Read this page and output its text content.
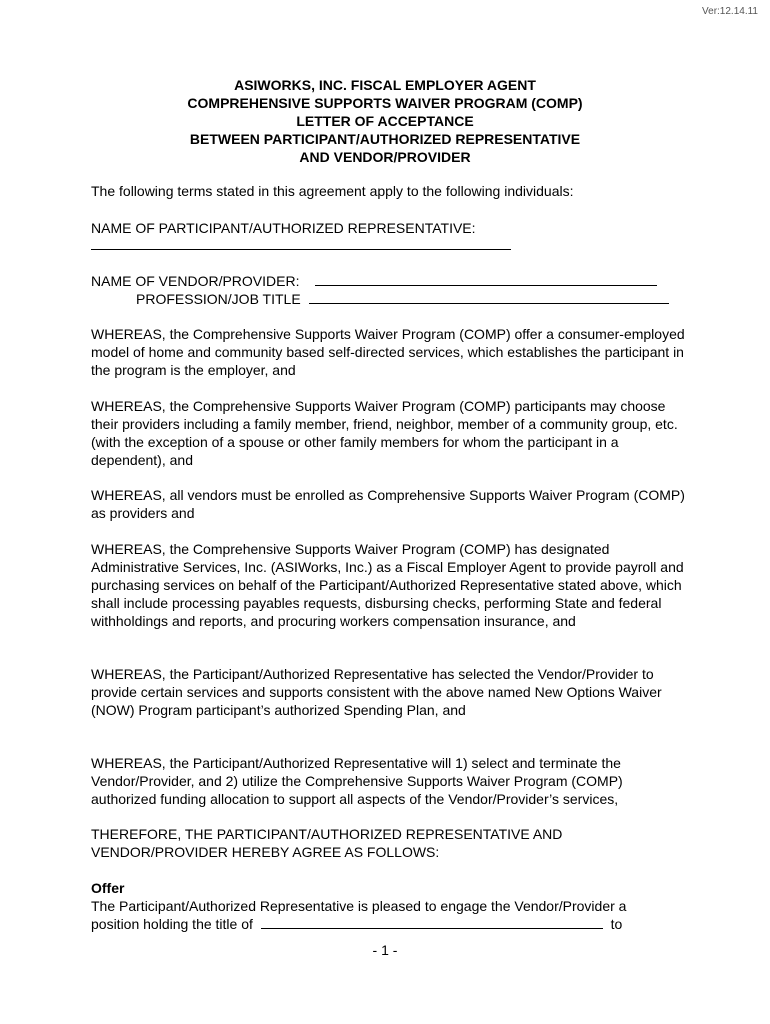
Ver:12.14.11
ASIWORKS, INC. FISCAL EMPLOYER AGENT
COMPREHENSIVE SUPPORTS WAIVER PROGRAM (COMP)
LETTER OF ACCEPTANCE
BETWEEN PARTICIPANT/AUTHORIZED REPRESENTATIVE
AND VENDOR/PROVIDER

The following terms stated in this agreement apply to the following individuals:

NAME OF PARTICIPANT/AUTHORIZED REPRESENTATIVE:

NAME OF VENDOR/PROVIDER:
PROFESSION/JOB TITLE

WHEREAS, the Comprehensive Supports Waiver Program (COMP) offer a consumer-employed model of home and community based self-directed services, which establishes the participant in the program is the employer, and

WHEREAS, the Comprehensive Supports Waiver Program (COMP) participants may choose their providers including a family member, friend, neighbor, member of a community group, etc. (with the exception of a spouse or other family members for whom the participant in a dependent), and

WHEREAS, all vendors must be enrolled as Comprehensive Supports Waiver Program (COMP) as providers and

WHEREAS, the Comprehensive Supports Waiver Program (COMP) has designated Administrative Services, Inc. (ASIWorks, Inc.) as a Fiscal Employer Agent to provide payroll and purchasing services on behalf of the Participant/Authorized Representative stated above, which shall include processing payables requests, disbursing checks, performing State and federal withholdings and reports, and procuring workers compensation insurance, and

WHEREAS, the Participant/Authorized Representative has selected the Vendor/Provider to provide certain services and supports consistent with the above named New Options Waiver (NOW) Program participant’s authorized Spending Plan, and

WHEREAS, the Participant/Authorized Representative will 1) select and terminate the Vendor/Provider, and 2) utilize the Comprehensive Supports Waiver Program (COMP) authorized funding allocation to support all aspects of the Vendor/Provider’s services,

THEREFORE, THE PARTICIPANT/AUTHORIZED REPRESENTATIVE AND VENDOR/PROVIDER HEREBY AGREE AS FOLLOWS:

Offer

The Participant/Authorized Representative is pleased to engage the Vendor/Provider a

position holding the title of	to
- 1 -
